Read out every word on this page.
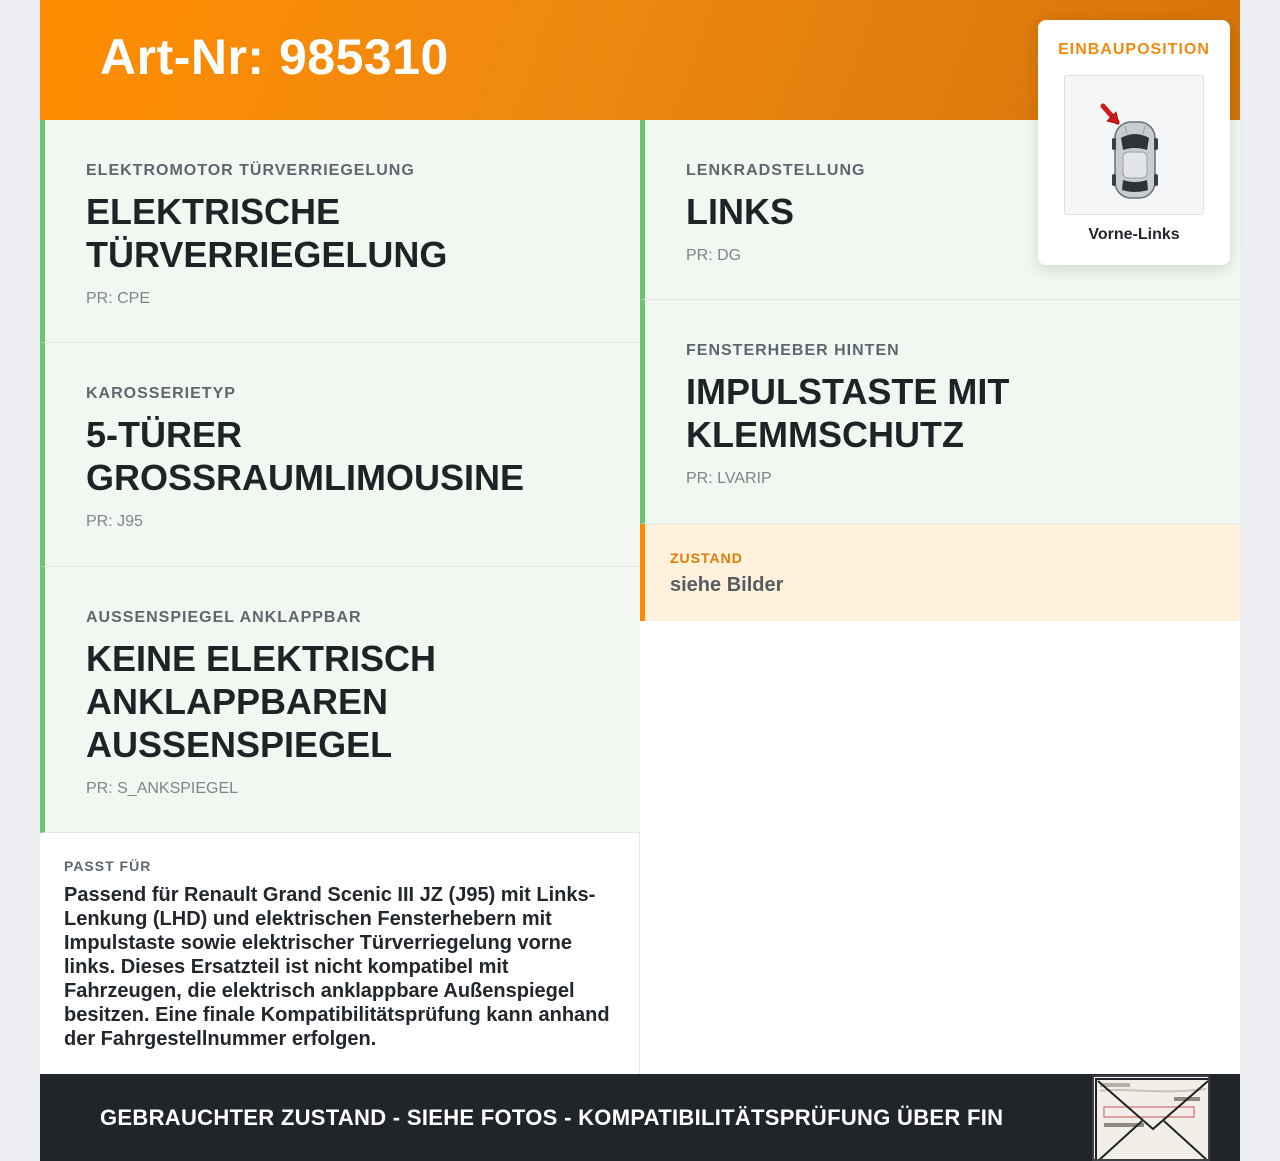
Art-Nr: 985310
ELEKTROMOTOR TÜRVERRIEGELUNG
ELEKTRISCHE
TÜRVERRIEGELUNG
PR: CPE
KAROSSERIETYP
5-TÜRER
GROSSRAUMLIMOUSINE
PR: J95
AUSSENSPIEGEL ANKLAPPBAR
KEINE ELEKTRISCH
ANKLAPPBAREN
AUSSENSPIEGEL
PR: S_ANKSPIEGEL
LENKRADSTELLUNG
LINKS
PR: DG
FENSTERHEBER HINTEN
IMPULSTASTE MIT
KLEMMSCHUTZ
PR: LVARIP
ZUSTAND
siehe Bilder
PASST FÜR
Passend für Renault Grand Scenic III JZ (J95) mit Links-Lenkung (LHD) und elektrischen Fensterhebern mit Impulstaste sowie elektrischer Türverriegelung vorne links. Dieses Ersatzteil ist nicht kompatibel mit Fahrzeugen, die elektrisch anklappbare Außenspiegel besitzen. Eine finale Kompatibilitätsprüfung kann anhand der Fahrgestellnummer erfolgen.
GEBRAUCHTER ZUSTAND - SIEHE FOTOS - KOMPATIBILITÄTSPRÜFUNG ÜBER FIN
EINBAUPOSITION
Vorne-Links
